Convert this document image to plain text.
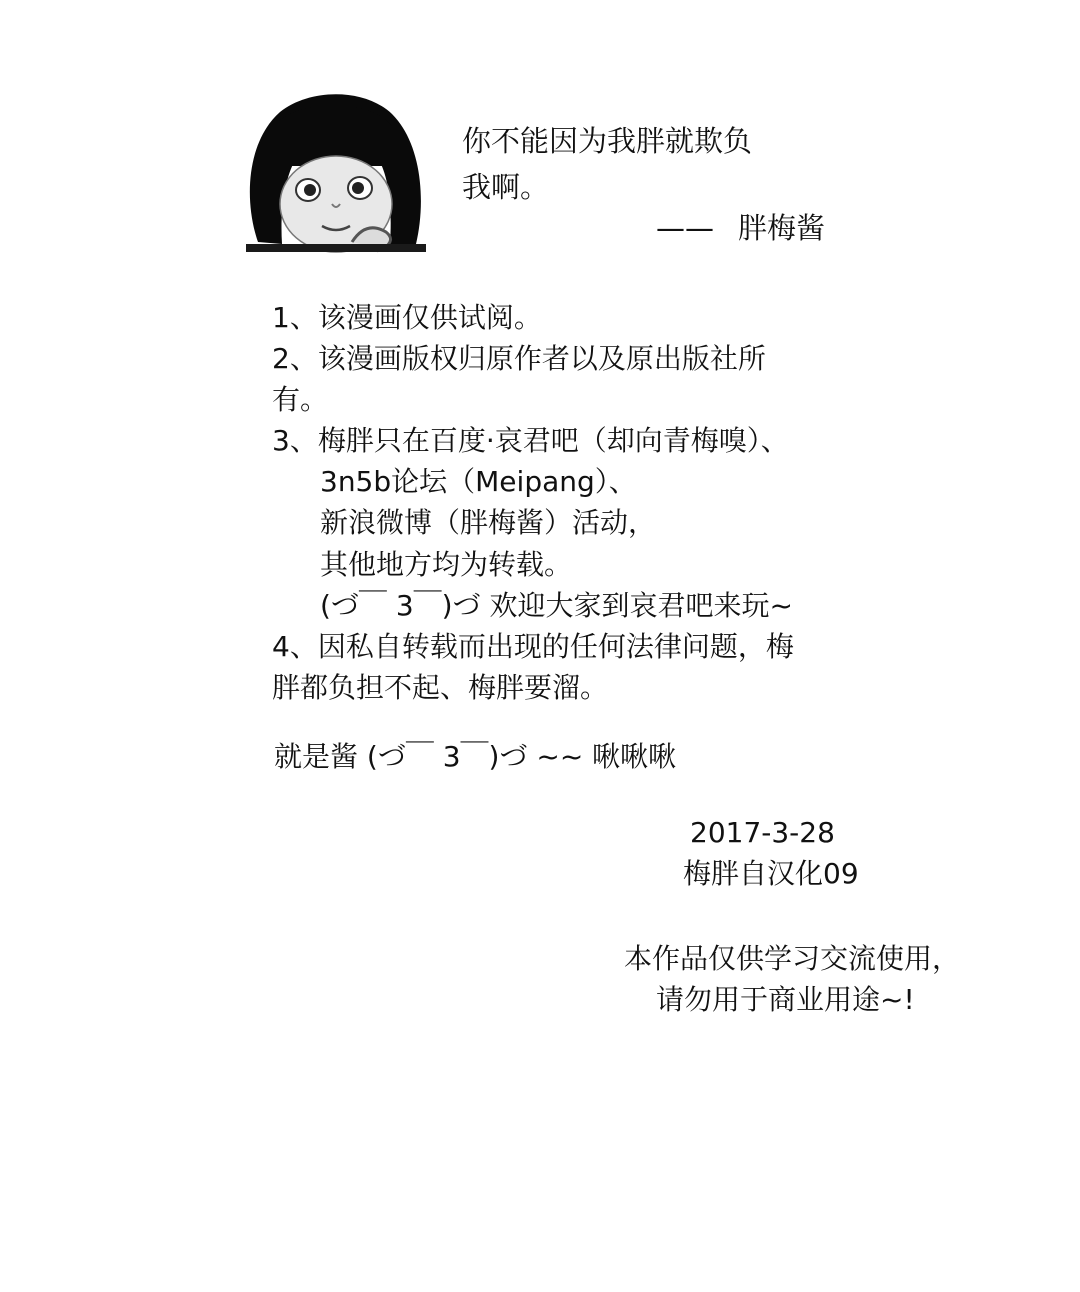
你不能因为我胖就欺负
我啊。
—— 胖梅酱
1、该漫画仅供试阅。
2、该漫画版权归原作者以及原出版社所
有。
3、梅胖只在百度·哀君吧（却向青梅嗅）、
3n5b论坛（Meipang）、
新浪微博（胖梅酱）活动，
其他地方均为转载。
(づ￣ 3￣)づ 欢迎大家到哀君吧来玩~
4、因私自转载而出现的任何法律问题，梅
胖都负担不起、梅胖要溜。
就是酱 (づ￣ 3￣)づ ~~ 啾啾啾
2017-3-28
梅胖自汉化09
本作品仅供学习交流使用，
请勿用于商业用途~!
